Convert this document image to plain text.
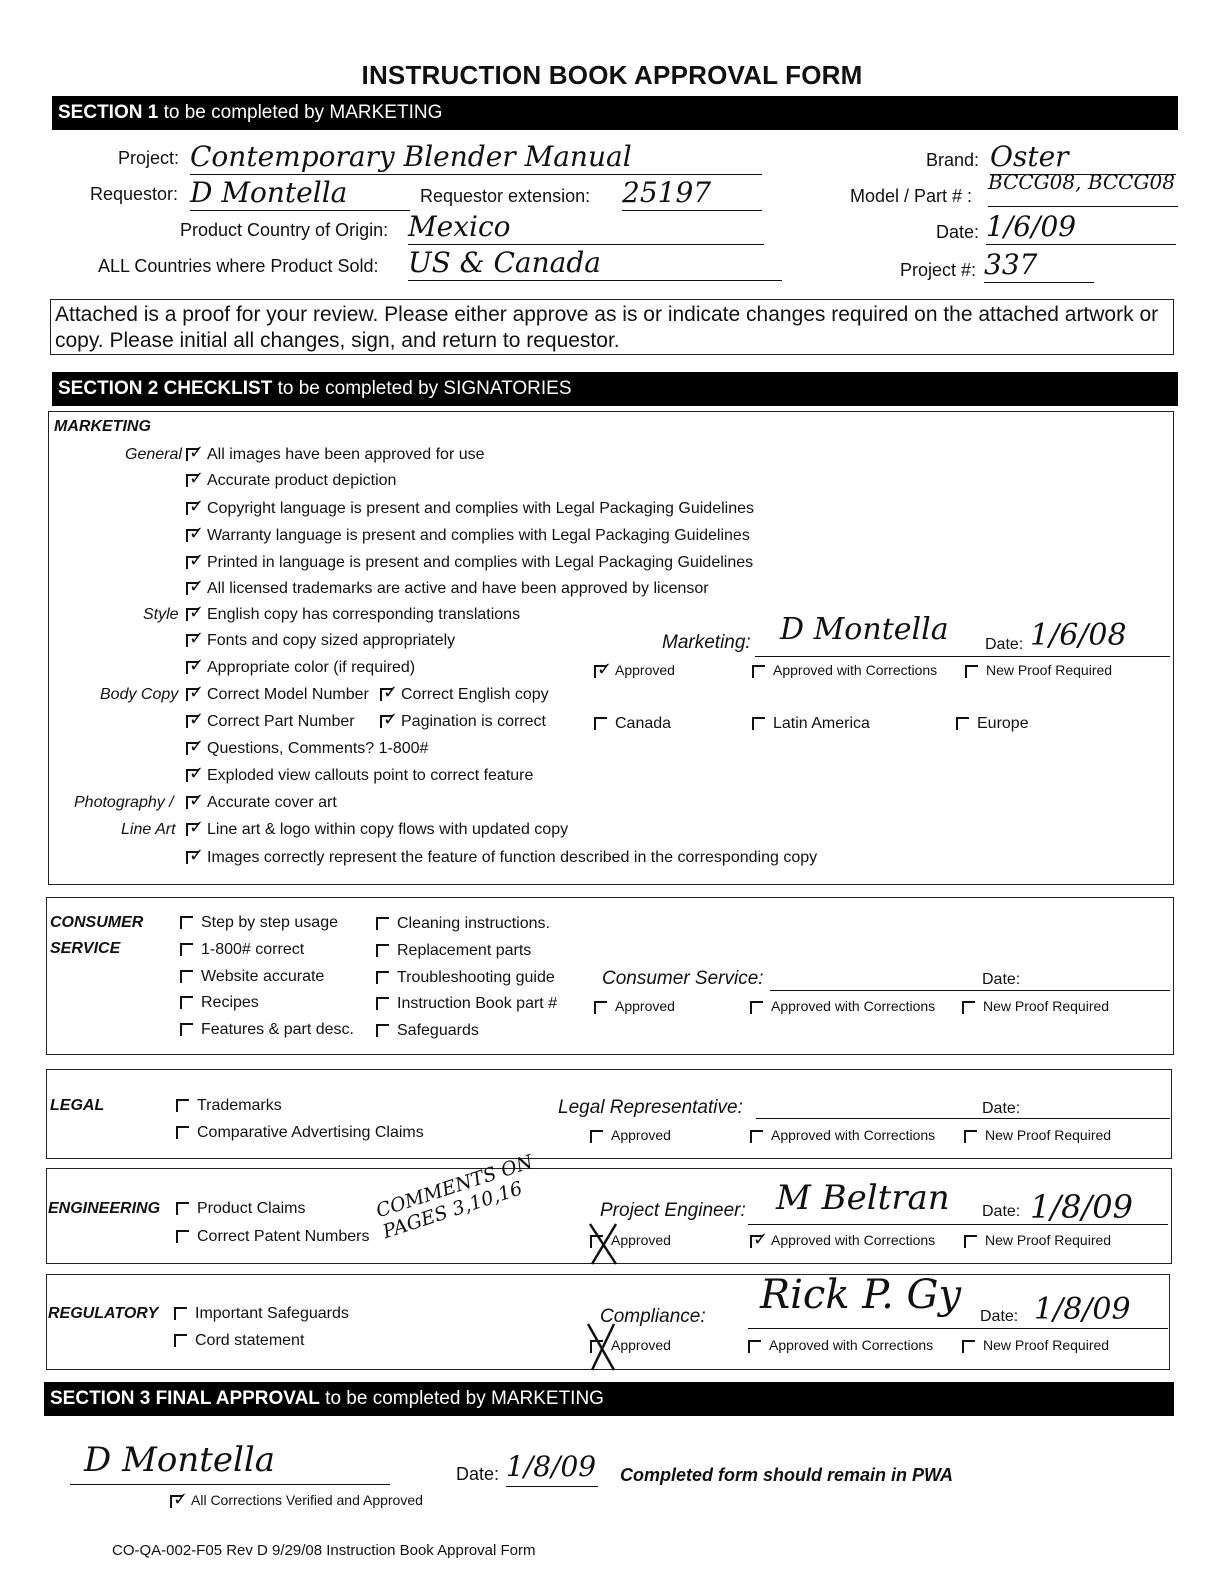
INSTRUCTION BOOK APPROVAL FORM
SECTION 1 to be completed by MARKETING
Project: Contemporary Blender Manual
Requestor: D Montella	Requestor extension: 25197
Product Country of Origin: Mexico
ALL Countries where Product Sold: US & Canada
Brand: Oster
Model / Part # :
BCCG08, BCCG08
Date: 1/6/09
Project #: 337
Attached is a proof for your review. Please either approve as is or indicate changes required on the attached artwork or copy. Please initial all changes, sign, and return to requestor.
SECTION 2 CHECKLIST to be completed by SIGNATORIES
MARKETING
General
Style
Body Copy
Photography /
Line Art
✓All images have been approved for use
✓Accurate product depiction
✓Copyright language is present and complies with Legal Packaging Guidelines
✓Warranty language is present and complies with Legal Packaging Guidelines
✓Printed in language is present and complies with Legal Packaging Guidelines
✓All licensed trademarks are active and have been approved by licensor
✓English copy has corresponding translations
✓Fonts and copy sized appropriately
✓Appropriate color (if required)
✓Correct Model Number
✓Correct Part Number
✓Questions, Comments? 1-800#
✓Exploded view callouts point to correct feature
✓Accurate cover art
✓Line art & logo within copy flows with updated copy
✓Images correctly represent the feature of function described in the corresponding copy
✓Correct English copy
✓Pagination is correct
Marketing: D Montella Date: 1/6/08
✓Approved	Approved with Corrections	New Proof Required
Canada	Latin America	Europe
CONSUMER
SERVICE
Step by step usage
1-800# correct
Website accurate
Recipes
Features & part desc.
Cleaning instructions.
Replacement parts
Troubleshooting guide
Instruction Book part #
Safeguards
Consumer Service:	Date:
Approved	Approved with Corrections	New Proof Required
LEGAL	Trademarks
Comparative Advertising Claims
Legal Representative:	Date:
Approved	Approved with Corrections	New Proof Required
ENGINEERING	Product Claims
Correct Patent Numbers
COMMENTS ON PAGES 3,10,16	Project Engineer: M Beltran Date: 1/8/09
Approved
✓	Approved with Corrections	New Proof Required
REGULATORY	Important Safeguards
Cord statement
Compliance: Rick P. Gy Date: 1/8/09
Approved	Approved with Corrections	New Proof Required
SECTION 3 FINAL APPROVAL to be completed by MARKETING
D Montella	Date: 1/8/09 Completed form should remain in PWA
✓All Corrections Verified and Approved
CO-QA-002-F05 Rev D 9/29/08 Instruction Book Approval Form
